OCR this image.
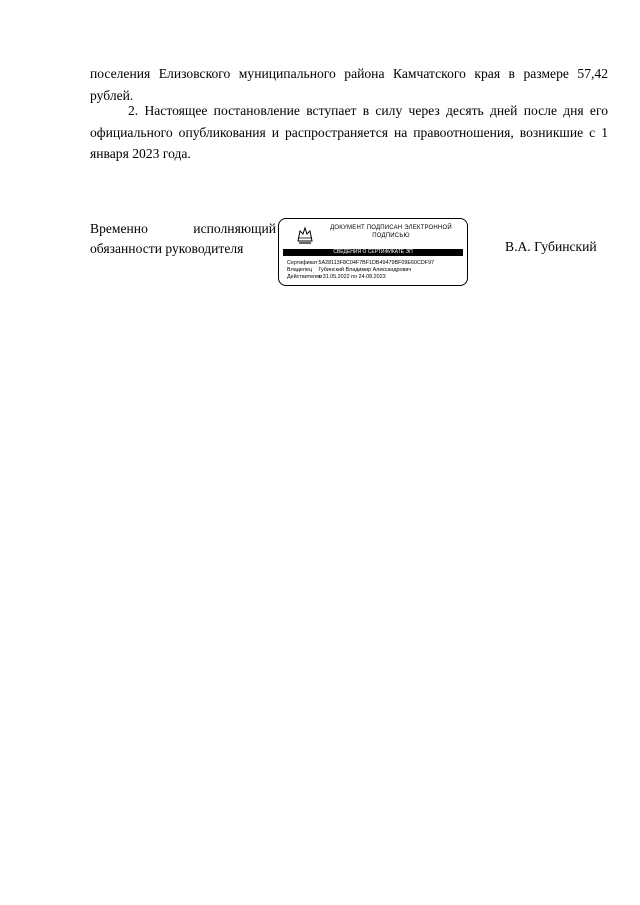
поселения Елизовского муниципального района Камчатского края в размере 57,42 рублей.

2. Настоящее постановление вступает в силу через десять дней после дня его официального опубликования и распространяется на правоотношения, возникшие с 1 января 2023 года.

Временно исполняющий
обязанности руководителя
ДОКУМЕНТ ПОДПИСАН ЭЛЕКТРОННОЙ ПОДПИСЬЮ
СВЕДЕНИЯ О СЕРТИФИКАТЕ ЭП
Сертификат 5A28113F8C04F7BF1DB49479BF09E60CDF97
Владелец Губинский Владимир Александрович
Действителен с 31.05.2022 по 24.08.2023
В.А. Губинский
